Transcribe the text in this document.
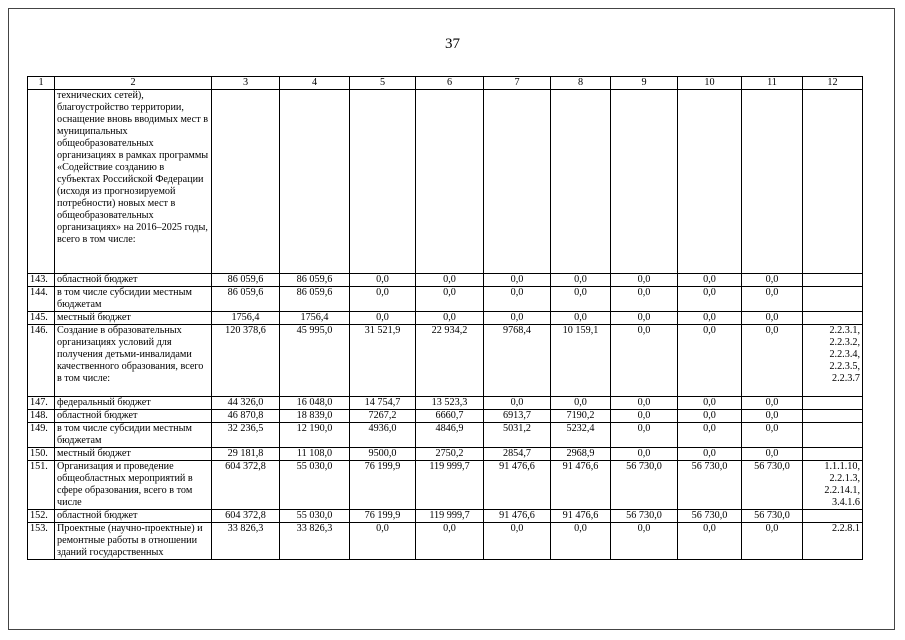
37
1	2	3	4	5	6	7	8	9	10	11	12
	технических сетей), благоустройство территории, оснащение вновь вводимых мест в муниципальных общеобразовательных организациях в рамках программы «Содействие созданию в субъектах Российской Федерации (исходя из прогнозируемой потребности) новых мест в общеобразовательных организациях» на 2016–2025 годы, всего в том числе:										
143.	областной бюджет	86 059,6	86 059,6	0,0	0,0	0,0	0,0	0,0	0,0	0,0	
144.	в том числе субсидии местным бюджетам	86 059,6	86 059,6	0,0	0,0	0,0	0,0	0,0	0,0	0,0	
145.	местный бюджет	1756,4	1756,4	0,0	0,0	0,0	0,0	0,0	0,0	0,0	
146.	Создание в образовательных организациях условий для получения детьми-инвалидами качественного образования, всего в том числе:	120 378,6	45 995,0	31 521,9	22 934,2	9768,4	10 159,1	0,0	0,0	0,0	2.2.3.1, 2.2.3.2, 2.2.3.4, 2.2.3.5, 2.2.3.7
147.	федеральный бюджет	44 326,0	16 048,0	14 754,7	13 523,3	0,0	0,0	0,0	0,0	0,0	
148.	областной бюджет	46 870,8	18 839,0	7267,2	6660,7	6913,7	7190,2	0,0	0,0	0,0	
149.	в том числе субсидии местным бюджетам	32 236,5	12 190,0	4936,0	4846,9	5031,2	5232,4	0,0	0,0	0,0	
150.	местный бюджет	29 181,8	11 108,0	9500,0	2750,2	2854,7	2968,9	0,0	0,0	0,0	
151.	Организация и проведение общеобластных мероприятий в сфере образования, всего в том числе	604 372,8	55 030,0	76 199,9	119 999,7	91 476,6	91 476,6	56 730,0	56 730,0	56 730,0	1.1.1.10, 2.2.1.3, 2.2.14.1, 3.4.1.6
152.	областной бюджет	604 372,8	55 030,0	76 199,9	119 999,7	91 476,6	91 476,6	56 730,0	56 730,0	56 730,0	
153.	Проектные (научно-проектные) и ремонтные работы в отношении зданий государственных	33 826,3	33 826,3	0,0	0,0	0,0	0,0	0,0	0,0	0,0	2.2.8.1
